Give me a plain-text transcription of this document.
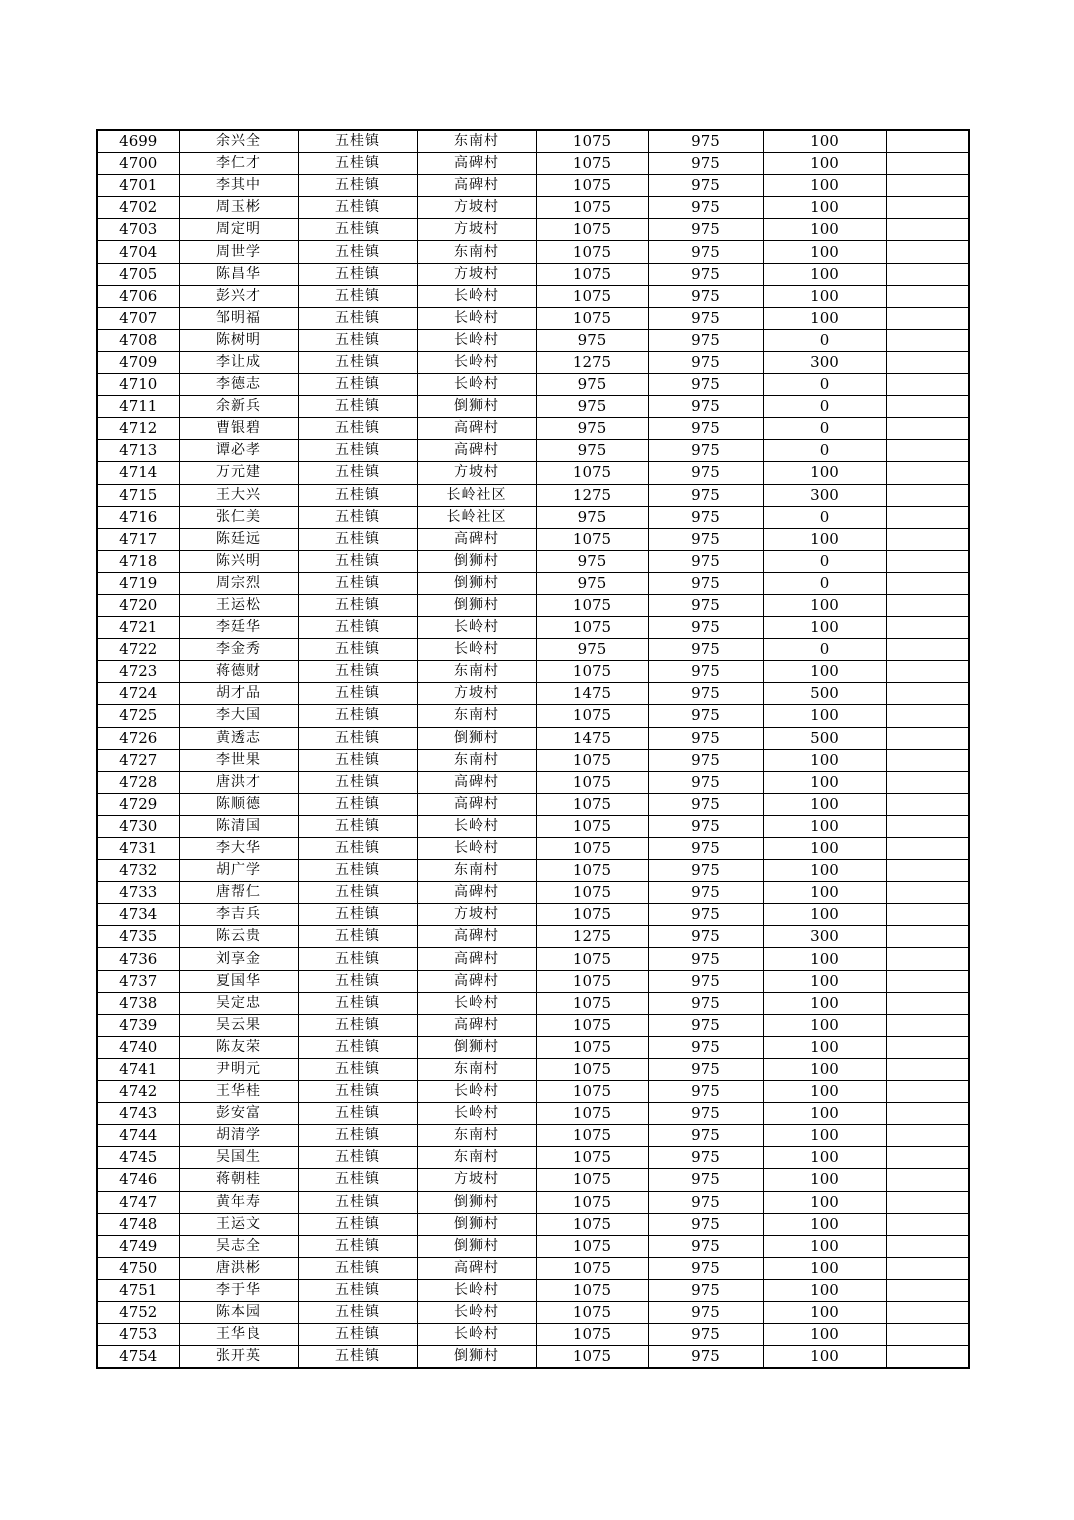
4699	余兴全	五桂镇	东南村	1075	975	100	
4700	李仁才	五桂镇	高碑村	1075	975	100	
4701	李其中	五桂镇	高碑村	1075	975	100	
4702	周玉彬	五桂镇	方坡村	1075	975	100	
4703	周定明	五桂镇	方坡村	1075	975	100	
4704	周世学	五桂镇	东南村	1075	975	100	
4705	陈昌华	五桂镇	方坡村	1075	975	100	
4706	彭兴才	五桂镇	长岭村	1075	975	100	
4707	邹明福	五桂镇	长岭村	1075	975	100	
4708	陈树明	五桂镇	长岭村	975	975	0	
4709	李让成	五桂镇	长岭村	1275	975	300	
4710	李德志	五桂镇	长岭村	975	975	0	
4711	余新兵	五桂镇	倒狮村	975	975	0	
4712	曹银碧	五桂镇	高碑村	975	975	0	
4713	谭必孝	五桂镇	高碑村	975	975	0	
4714	万元建	五桂镇	方坡村	1075	975	100	
4715	王大兴	五桂镇	长岭社区	1275	975	300	
4716	张仁美	五桂镇	长岭社区	975	975	0	
4717	陈廷远	五桂镇	高碑村	1075	975	100	
4718	陈兴明	五桂镇	倒狮村	975	975	0	
4719	周宗烈	五桂镇	倒狮村	975	975	0	
4720	王运松	五桂镇	倒狮村	1075	975	100	
4721	李廷华	五桂镇	长岭村	1075	975	100	
4722	李金秀	五桂镇	长岭村	975	975	0	
4723	蒋德财	五桂镇	东南村	1075	975	100	
4724	胡才品	五桂镇	方坡村	1475	975	500	
4725	李大国	五桂镇	东南村	1075	975	100	
4726	黄透志	五桂镇	倒狮村	1475	975	500	
4727	李世果	五桂镇	东南村	1075	975	100	
4728	唐洪才	五桂镇	高碑村	1075	975	100	
4729	陈顺德	五桂镇	高碑村	1075	975	100	
4730	陈清国	五桂镇	长岭村	1075	975	100	
4731	李大华	五桂镇	长岭村	1075	975	100	
4732	胡广学	五桂镇	东南村	1075	975	100	
4733	唐帮仁	五桂镇	高碑村	1075	975	100	
4734	李吉兵	五桂镇	方坡村	1075	975	100	
4735	陈云贵	五桂镇	高碑村	1275	975	300	
4736	刘享金	五桂镇	高碑村	1075	975	100	
4737	夏国华	五桂镇	高碑村	1075	975	100	
4738	吴定忠	五桂镇	长岭村	1075	975	100	
4739	吴云果	五桂镇	高碑村	1075	975	100	
4740	陈友荣	五桂镇	倒狮村	1075	975	100	
4741	尹明元	五桂镇	东南村	1075	975	100	
4742	王华桂	五桂镇	长岭村	1075	975	100	
4743	彭安富	五桂镇	长岭村	1075	975	100	
4744	胡清学	五桂镇	东南村	1075	975	100	
4745	吴国生	五桂镇	东南村	1075	975	100	
4746	蒋朝桂	五桂镇	方坡村	1075	975	100	
4747	黄年寿	五桂镇	倒狮村	1075	975	100	
4748	王运文	五桂镇	倒狮村	1075	975	100	
4749	吴志全	五桂镇	倒狮村	1075	975	100	
4750	唐洪彬	五桂镇	高碑村	1075	975	100	
4751	李于华	五桂镇	长岭村	1075	975	100	
4752	陈本园	五桂镇	长岭村	1075	975	100	
4753	王华良	五桂镇	长岭村	1075	975	100	
4754	张开英	五桂镇	倒狮村	1075	975	100	
